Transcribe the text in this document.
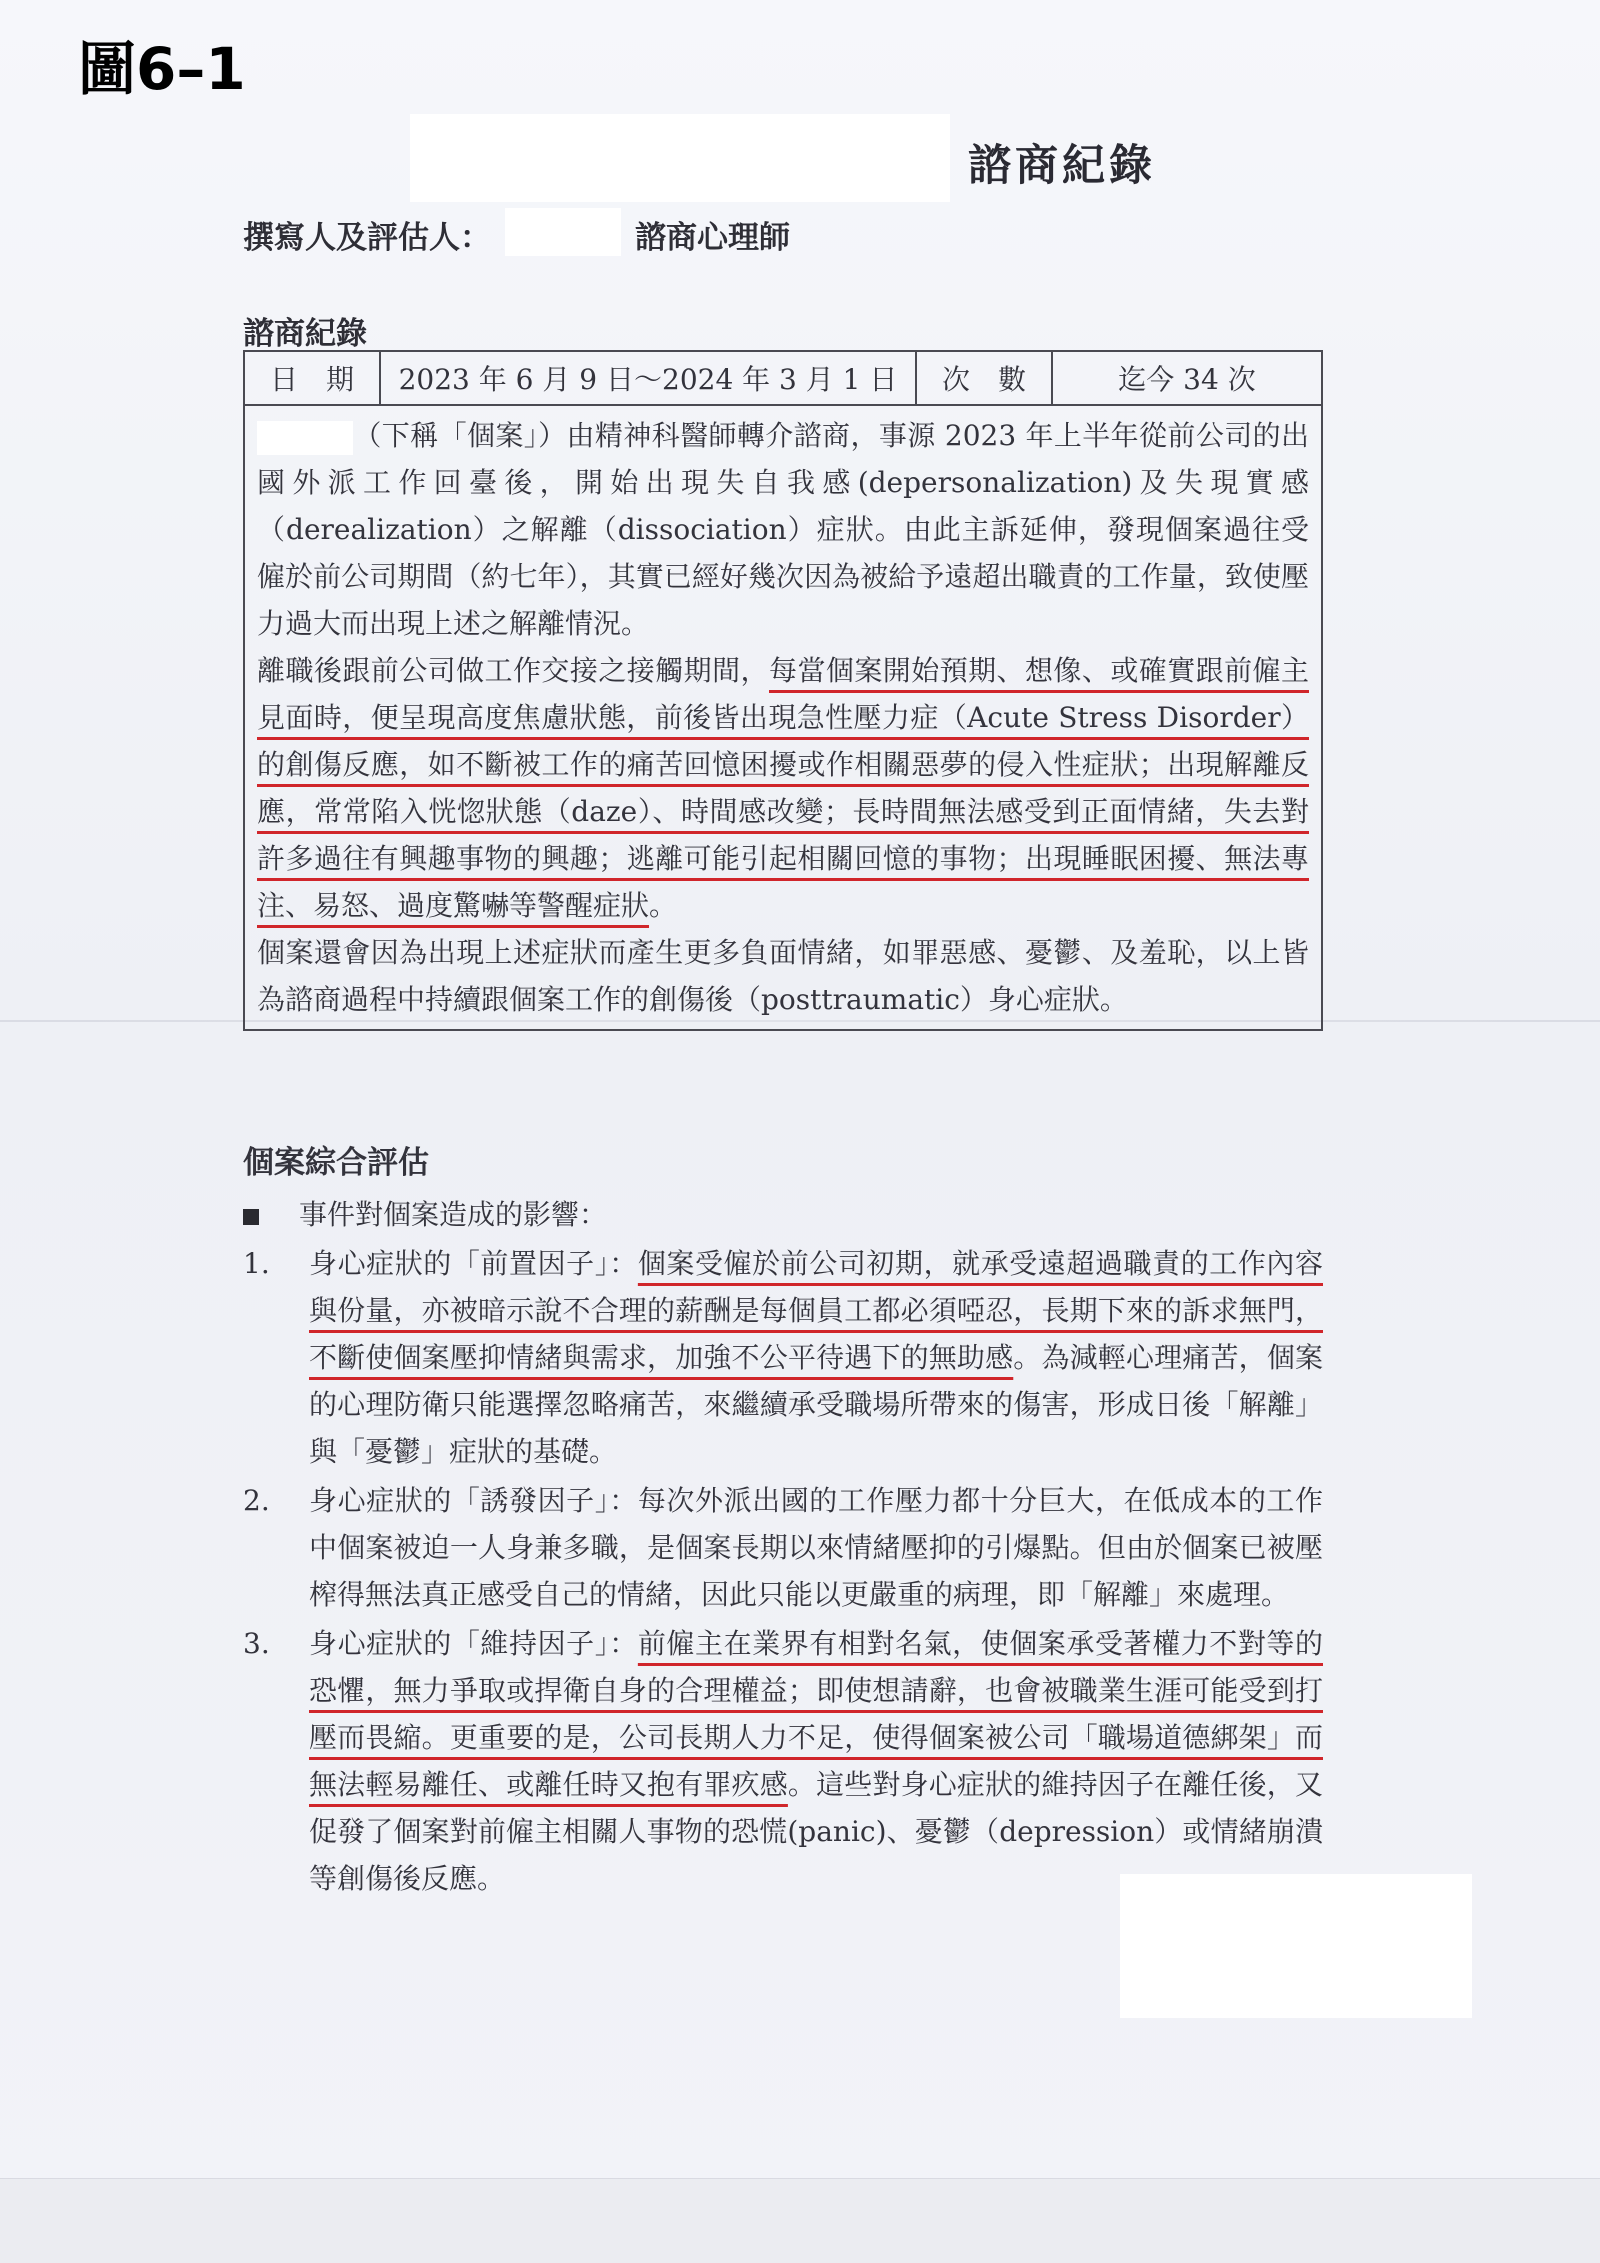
圖6–1
諮商紀錄
撰寫人及評估人：	諮商心理師
諮商紀錄
日　期	2023 年 6 月 9 日～2024 年 3 月 1 日	次　數	迄今 34 次

（下稱「個案」）由精神科醫師轉介諮商，事源 2023 年上半年從前公司的出國外派工作回臺後，開始出現失自我感(depersonalization)及失現實感（derealization）之解離（dissociation）症狀。由此主訴延伸，發現個案過往受僱於前公司期間（約七年），其實已經好幾次因為被給予遠超出職責的工作量，致使壓力過大而出現上述之解離情況。

離職後跟前公司做工作交接之接觸期間，每當個案開始預期、想像、或確實跟前僱主見面時，便呈現高度焦慮狀態，前後皆出現急性壓力症（Acute Stress Disorder）的創傷反應，如不斷被工作的痛苦回憶困擾或作相關惡夢的侵入性症狀；出現解離反應，常常陷入恍惚狀態（daze）、時間感改變；長時間無法感受到正面情緒，失去對許多過往有興趣事物的興趣；逃離可能引起相關回憶的事物；出現睡眠困擾、無法專注、易怒、過度驚嚇等警醒症狀。

個案還會因為出現上述症狀而產生更多負面情緒，如罪惡感、憂鬱、及羞恥，以上皆為諮商過程中持續跟個案工作的創傷後（posttraumatic）身心症狀。

個案綜合評估
事件對個案造成的影響：
1. 身心症狀的「前置因子」：個案受僱於前公司初期，就承受遠超過職責的工作內容與份量，亦被暗示說不合理的薪酬是每個員工都必須啞忍，長期下來的訴求無門，不斷使個案壓抑情緒與需求，加強不公平待遇下的無助感。為減輕心理痛苦，個案的心理防衛只能選擇忽略痛苦，來繼續承受職場所帶來的傷害，形成日後「解離」與「憂鬱」症狀的基礎。
2. 身心症狀的「誘發因子」：每次外派出國的工作壓力都十分巨大，在低成本的工作中個案被迫一人身兼多職，是個案長期以來情緒壓抑的引爆點。但由於個案已被壓榨得無法真正感受自己的情緒，因此只能以更嚴重的病理，即「解離」來處理。
3. 身心症狀的「維持因子」：前僱主在業界有相對名氣，使個案承受著權力不對等的恐懼，無力爭取或捍衛自身的合理權益；即使想請辭，也會被職業生涯可能受到打壓而畏縮。更重要的是，公司長期人力不足，使得個案被公司「職場道德綁架」而無法輕易離任、或離任時又抱有罪疚感。這些對身心症狀的維持因子在離任後，又促發了個案對前僱主相關人事物的恐慌(panic)、憂鬱（depression）或情緒崩潰等創傷後反應。
